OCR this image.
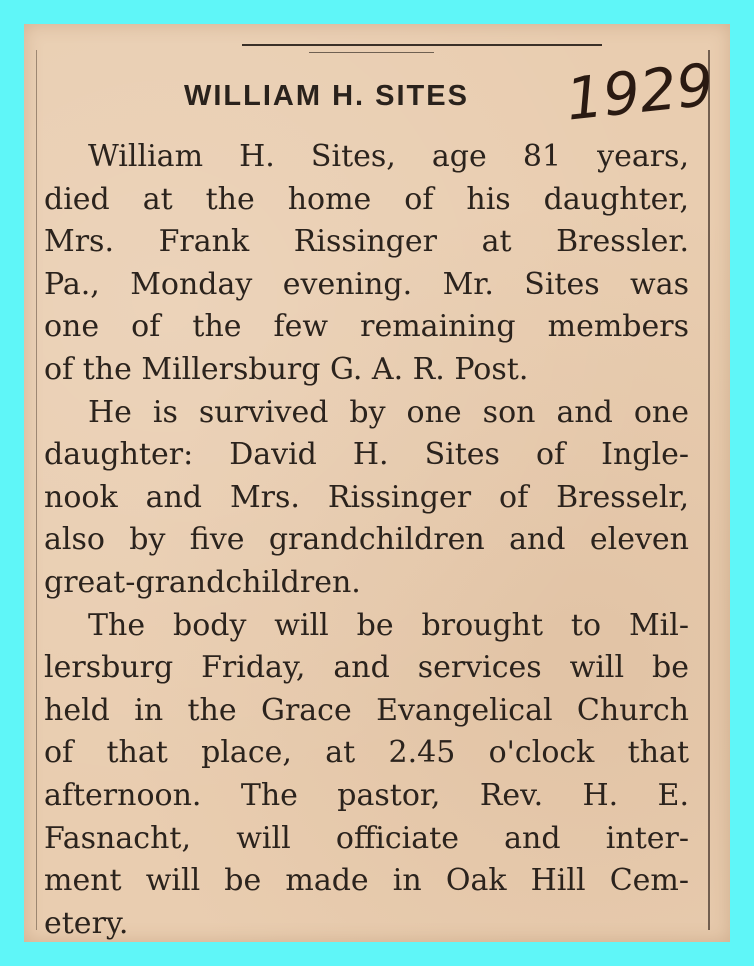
WILLIAM H. SITES 1929
William H. Sites, age 81 years,
died at the home of his daughter,
Mrs. Frank Rissinger at Bressler.
Pa., Monday evening. Mr. Sites was
one of the few remaining members
of the Millersburg G. A. R. Post.
He is survived by one son and one
daughter: David H. Sites of Ingle-
nook and Mrs. Rissinger of Bresselr,
also by five grandchildren and eleven
great-grandchildren.
The body will be brought to Mil-
lersburg Friday, and services will be
held in the Grace Evangelical Church
of that place, at 2.45 o'clock that
afternoon. The pastor, Rev. H. E.
Fasnacht, will officiate and inter-
ment will be made in Oak Hill Cem-
etery.
